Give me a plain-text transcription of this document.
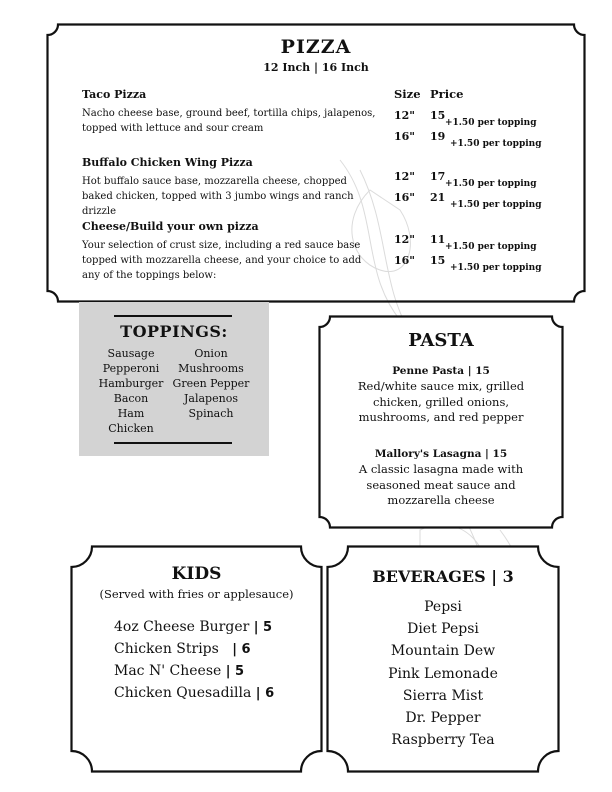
PIZZA
12 Inch | 16 Inch
Size Price
Taco Pizza
Nacho cheese base, ground beef, tortilla chips, jalapenos, topped with lettuce and sour cream
12" 15
+1.50 per topping
16" 19
+1.50 per topping
Buffalo Chicken Wing Pizza
Hot buffalo sauce base, mozzarella cheese, chopped baked chicken, topped with 3 jumbo wings and ranch drizzle
12" 17
+1.50 per topping
16" 21
+1.50 per topping
Cheese/Build your own pizza
Your selection of crust size, including a red sauce base topped with mozzarella cheese, and your choice to add any of the toppings below:
12" 11
+1.50 per topping
16" 15
+1.50 per topping
TOPPINGS:
Sausage
Pepperoni
Hamburger
Bacon
Ham
Chicken
Onion
Mushrooms
Green Pepper
Jalapenos
Spinach
PASTA
Penne Pasta | 15
Red/white sauce mix, grilled chicken, grilled onions, mushrooms, and red pepper
Mallory's Lasagna | 15
A classic lasagna made with seasoned meat sauce and mozzarella cheese
KIDS
(Served with fries or applesauce)
4oz Cheese Burger | 5
Chicken Strips | 6
Mac N' Cheese | 5
Chicken Quesadilla | 6
BEVERAGES | 3
Pepsi
Diet Pepsi
Mountain Dew
Pink Lemonade
Sierra Mist
Dr. Pepper
Raspberry Tea
